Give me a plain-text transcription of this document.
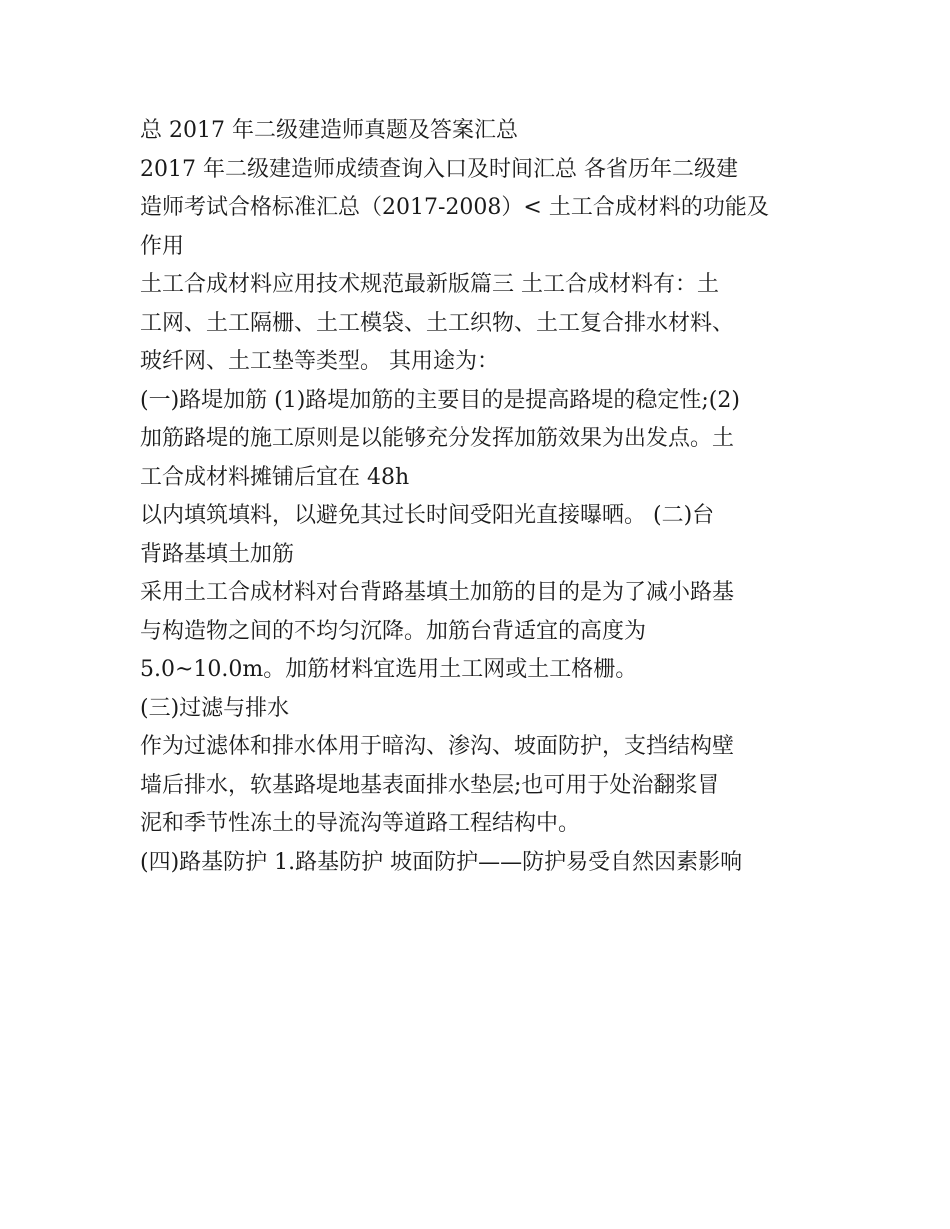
总 2017 年二级建造师真题及答案汇总
2017 年二级建造师成绩查询入口及时间汇总 各省历年二级建
造师考试合格标准汇总（2017-2008）< 土工合成材料的功能及
作用
土工合成材料应用技术规范最新版篇三 土工合成材料有：土
工网、土工隔栅、土工模袋、土工织物、土工复合排水材料、
玻纤网、土工垫等类型。 其用途为：
(一)路堤加筋 (1)路堤加筋的主要目的是提高路堤的稳定性;(2)
加筋路堤的施工原则是以能够充分发挥加筋效果为出发点。土
工合成材料摊铺后宜在 48h
以内填筑填料，以避免其过长时间受阳光直接曝晒。 (二)台
背路基填土加筋
采用土工合成材料对台背路基填土加筋的目的是为了减小路基
与构造物之间的不均匀沉降。加筋台背适宜的高度为
5.0~10.0m。加筋材料宜选用土工网或土工格栅。
(三)过滤与排水
作为过滤体和排水体用于暗沟、渗沟、坡面防护，支挡结构壁
墙后排水，软基路堤地基表面排水垫层;也可用于处治翻浆冒
泥和季节性冻土的导流沟等道路工程结构中。
(四)路基防护 1.路基防护 坡面防护——防护易受自然因素影响
